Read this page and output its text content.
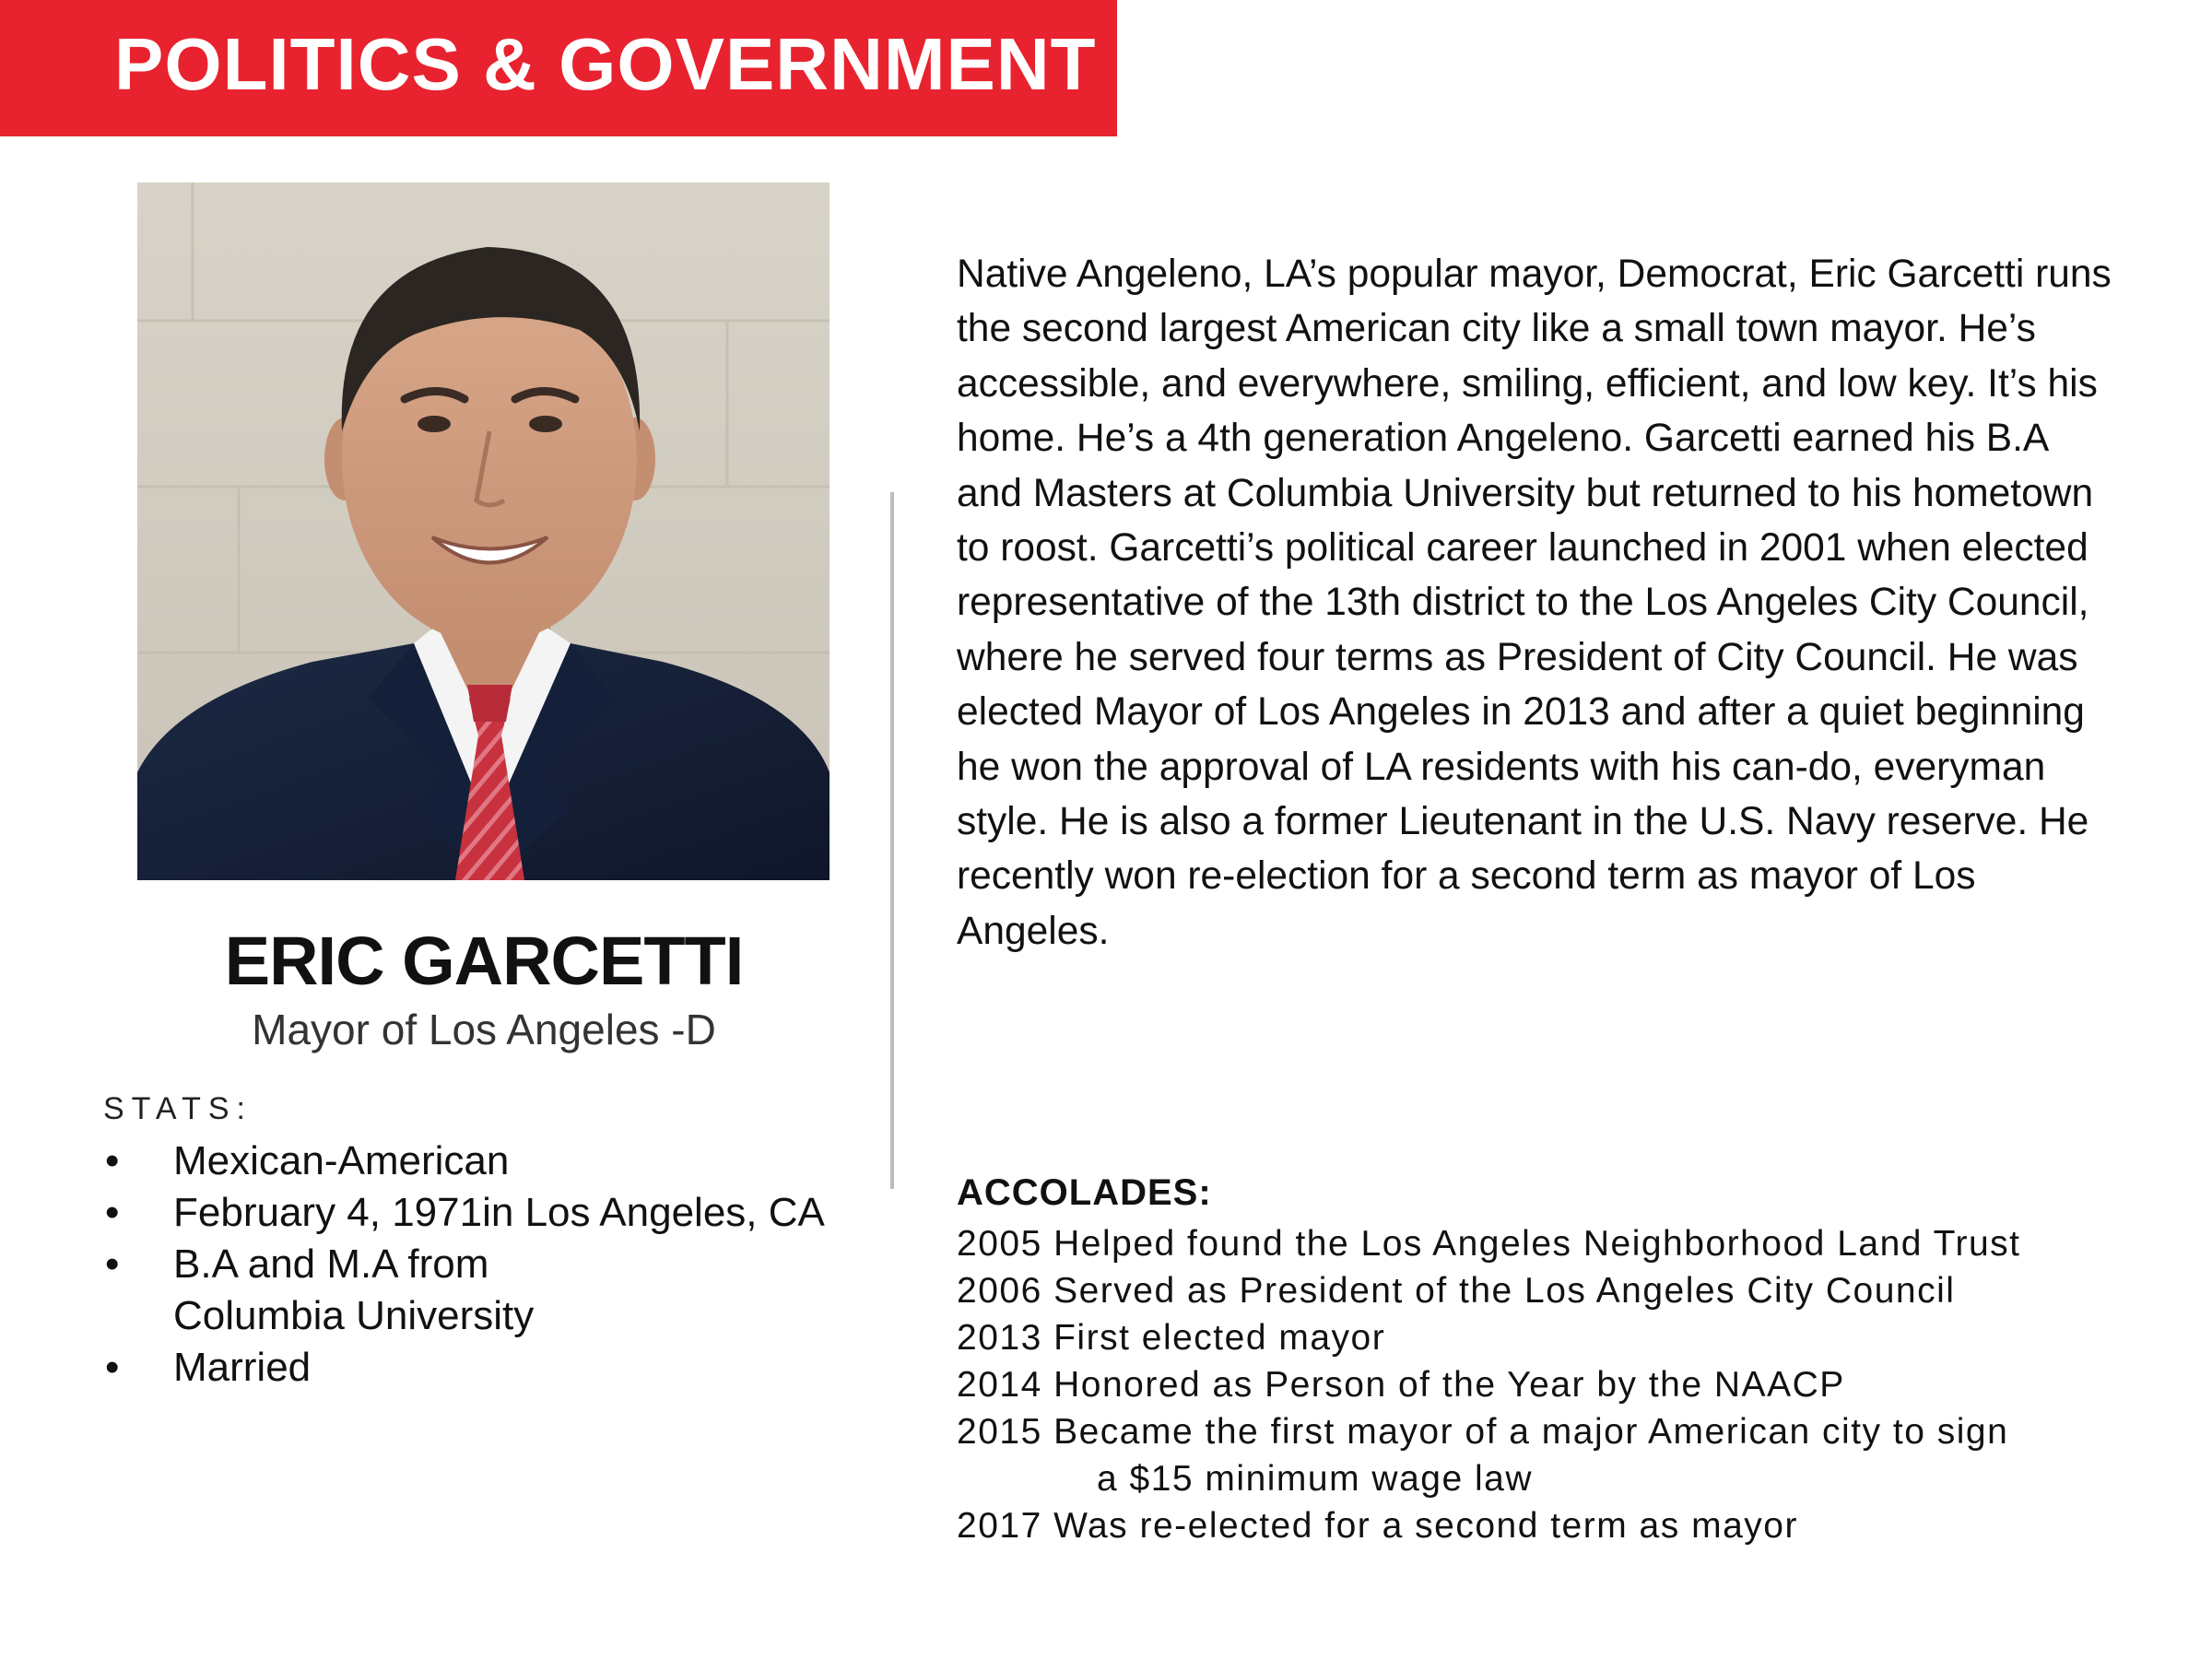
POLITICS & GOVERNMENT
ERIC GARCETTI
Mayor of Los Angeles -D
STATS:
• Mexican-American
• February 4, 1971in Los Angeles, CA
• B.A and M.A from Columbia University
• Married

Native Angeleno, LA’s popular mayor, Democrat, Eric Garcetti runs the second largest American city like a small town mayor. He’s accessible, and everywhere, smiling, efficient, and low key. It’s his home. He’s a 4th generation Angeleno. Garcetti earned his B.A and Masters at Columbia University but returned to his hometown to roost. Garcetti’s political career launched in 2001 when elected representative of the 13th district to the Los Angeles City Council, where he served four terms as President of City Council. He was elected Mayor of Los Angeles in 2013 and after a quiet beginning he won the approval of LA residents with his can-do, everyman style. He is also a former Lieutenant in the U.S. Navy reserve. He recently won re-election for a second term as mayor of Los Angeles.

ACCOLADES:
2005 Helped found the Los Angeles Neighborhood Land Trust
2006 Served as President of the Los Angeles City Council
2013 First elected mayor
2014 Honored as Person of the Year by the NAACP
2015 Became the first mayor of a major American city to sign
a $15 minimum wage law
2017 Was re-elected for a second term as mayor
